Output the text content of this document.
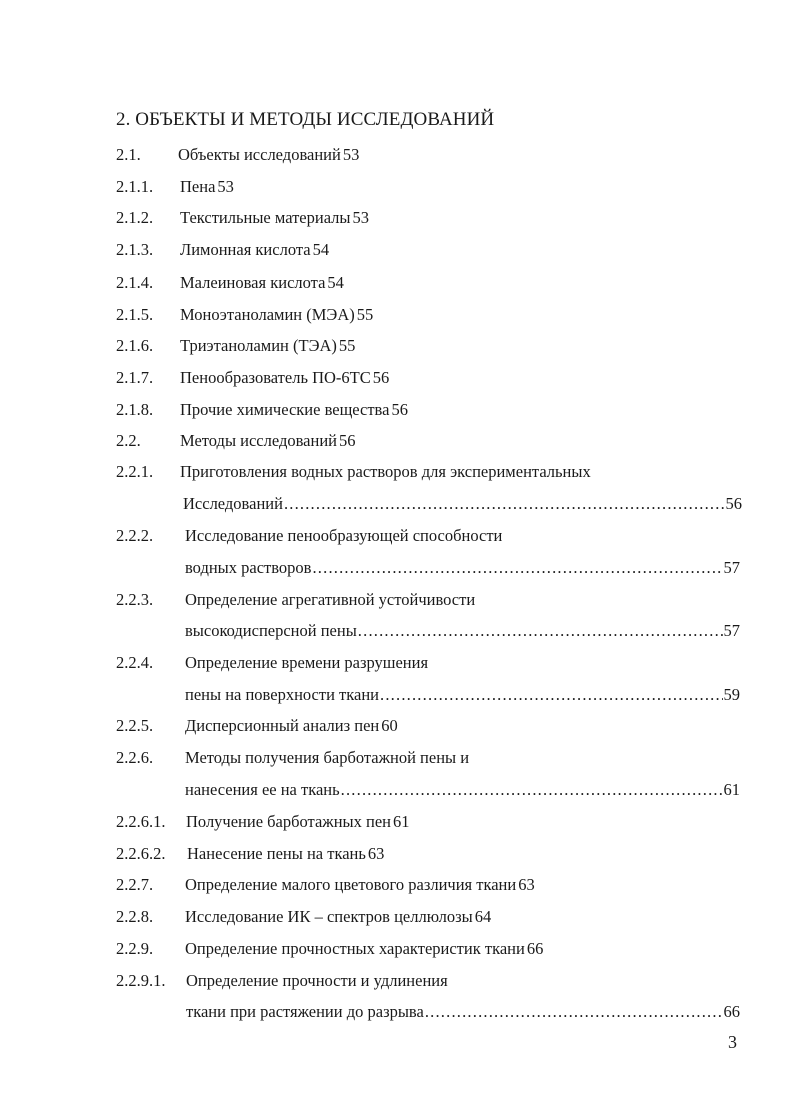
2. ОБЪЕКТЫ И МЕТОДЫ ИССЛЕДОВАНИЙ
2.1. Объекты исследований 53
2.1.1. Пена 53
2.1.2. Текстильные материалы 53
2.1.3. Лимонная кислота 54
2.1.4. Малеиновая кислота 54
2.1.5. Моноэтаноламин (МЭА) 55
2.1.6. Триэтаноламин (ТЭА) 55
2.1.7. Пенообразователь ПО-6ТС 56
2.1.8. Прочие химические вещества 56
2.2. Методы исследований 56
2.2.1. Приготовления водных растворов для экспериментальных
Исследований .....	56
2.2.2. Исследование пенообразующей способности
водных растворов .....	57
2.2.3. Определение агрегативной устойчивости
высокодисперсной пены .....	57
2.2.4. Определение времени разрушения
пены на поверхности ткани .....	59
2.2.5. Дисперсионный анализ пен 60
2.2.6. Методы получения барботажной пены и
нанесения ее на ткань .....	61
2.2.6.1. Получение барботажных пен 61
2.2.6.2. Нанесение пены на ткань 63
2.2.7. Определение малого цветового различия ткани 63
2.2.8. Исследование ИК – спектров целлюлозы 64
2.2.9. Определение прочностных характеристик ткани 66
2.2.9.1. Определение прочности и удлинения
ткани при растяжении до разрыва .....	66
3
